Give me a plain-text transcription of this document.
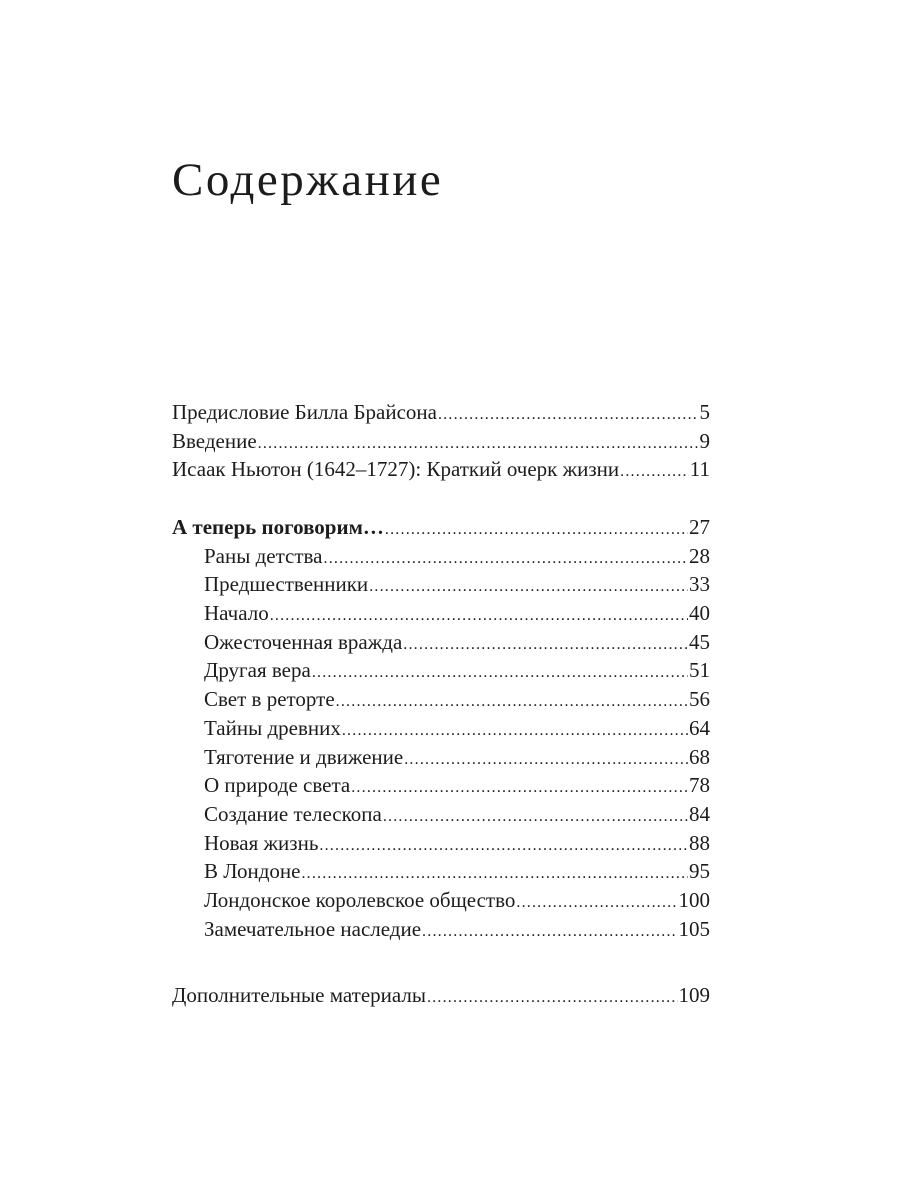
Содержание
Предисловие Билла Брайсона .....	5
Введение .....	9
Исаак Ньютон (1642–1727): Краткий очерк жизни .....	11
А теперь поговорим… .....	27
Раны детства .....	28
Предшественники .....	33
Начало .....	40
Ожесточенная вражда .....	45
Другая вера .....	51
Свет в реторте .....	56
Тайны древних .....	64
Тяготение и движение .....	68
О природе света .....	78
Создание телескопа .....	84
Новая жизнь .....	88
В Лондоне .....	95
Лондонское королевское общество .....	100
Замечательное наследие .....	105
Дополнительные материалы .....	109
